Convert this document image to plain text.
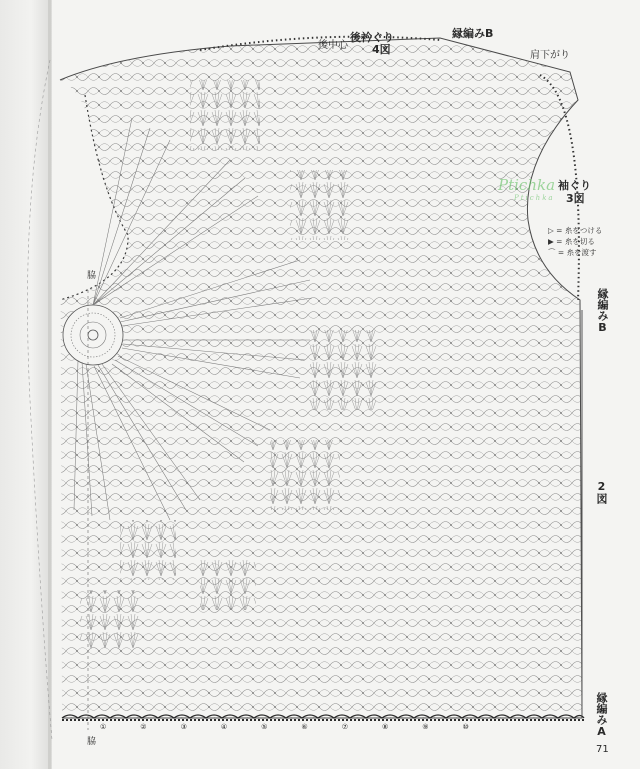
後中心
後衿ぐり
4図
縁編みB
肩下がり
袖ぐり
3図
▷ = 糸をつける
▶ = 糸を切る
⌒ = 糸を渡す
Ptichka
Ptichka
縁編みB
2図
縁編みA
脇
脇
①②③④⑤⑥⑦⑧⑨⑩
71
